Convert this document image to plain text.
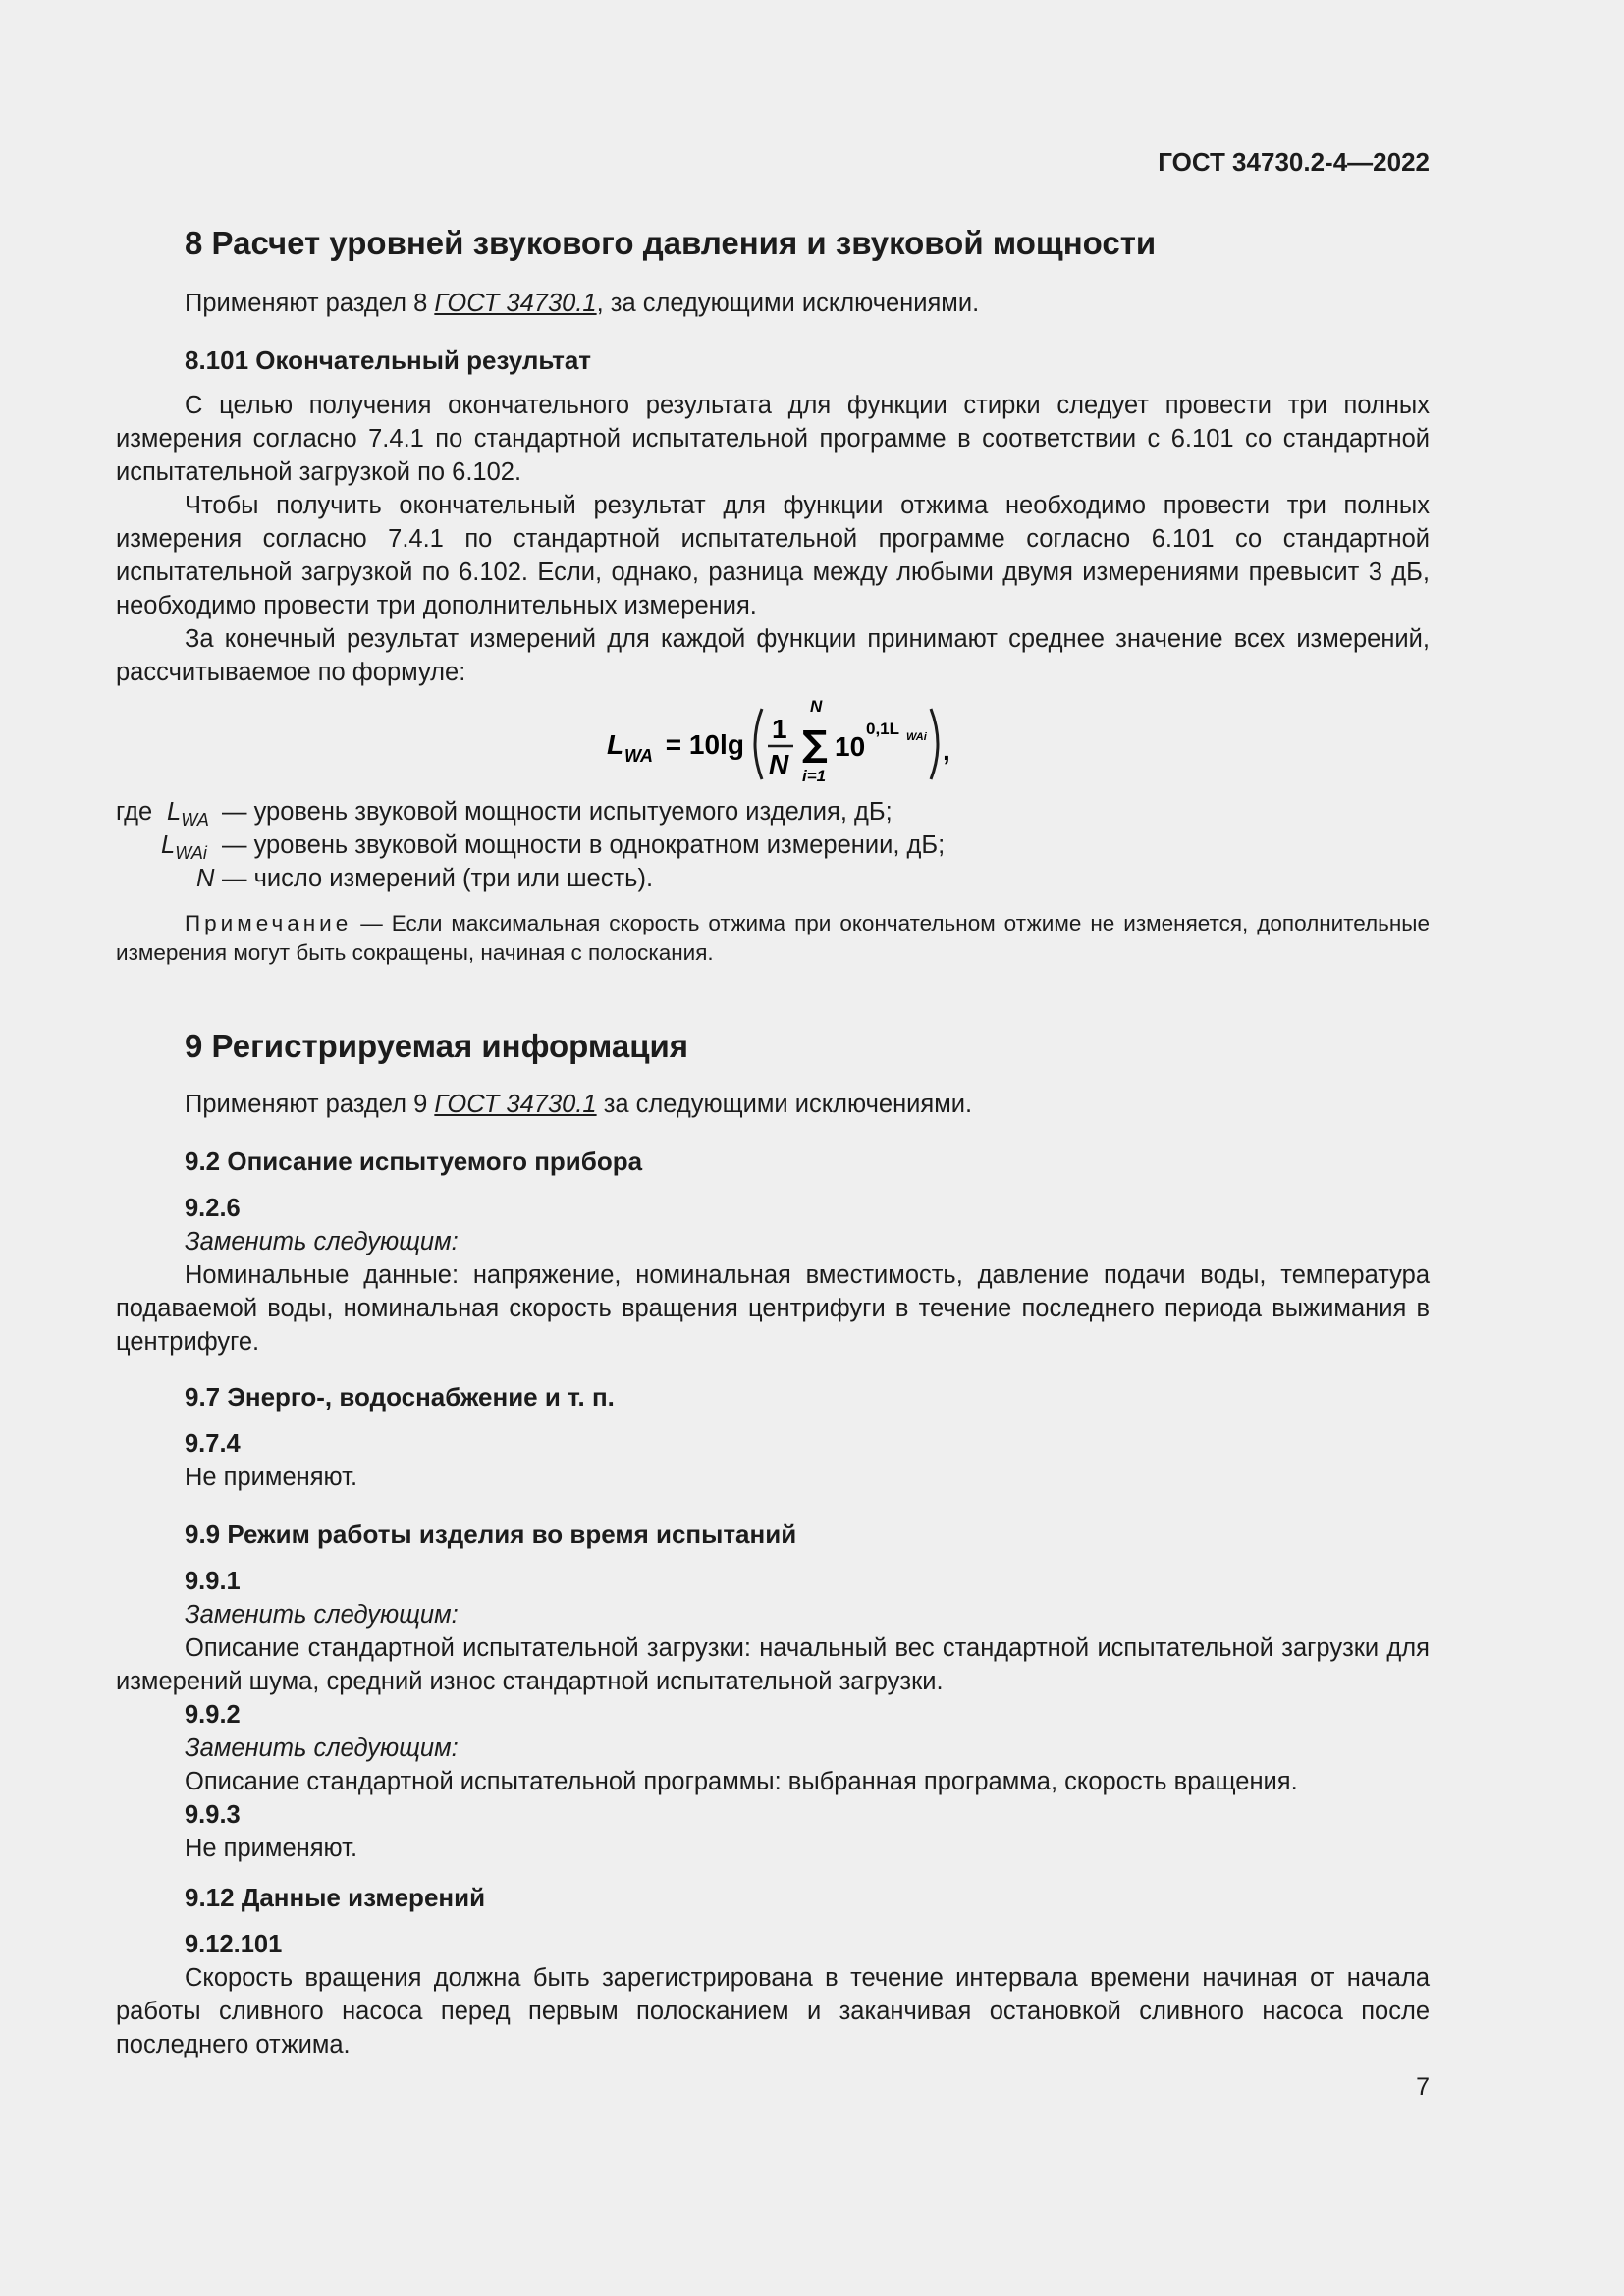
ГОСТ 34730.2-4—2022
8 Расчет уровней звукового давления и звуковой мощности

Применяют раздел 8 ГОСТ 34730.1, за следующими исключениями.

8.101 Окончательный результат

С целью получения окончательного результата для функции стирки следует провести три полных измерения согласно 7.4.1 по стандартной испытательной программе в соответствии с 6.101 со стандартной испытательной загрузкой по 6.102.

Чтобы получить окончательный результат для функции отжима необходимо провести три полных измерения согласно 7.4.1 по стандартной испытательной программе согласно 6.101 со стандартной испытательной загрузкой по 6.102. Если, однако, разница между любыми двумя измерениями превысит 3 дБ, необходимо провести три дополнительных измерения.

За конечный результат измерений для каждой функции принимают среднее значение всех измерений, рассчитываемое по формуле:

L WA = 10lg
1
N
N
∑
i=1
10
0,1L WAi ,
где $L_{WA}$ — уровень звуковой мощности испытуемого изделия, дБ;
$L_{WAi}$ — уровень звуковой мощности в однократном измерении, дБ;
N — число измерений (три или шесть).

Примечание — Если максимальная скорость отжима при окончательном отжиме не изменяется, дополнительные измерения могут быть сокращены, начиная с полоскания.

9 Регистрируемая информация

Применяют раздел 9 ГОСТ 34730.1 за следующими исключениями.

9.2 Описание испытуемого прибора

9.2.6

Заменить следующим:

Номинальные данные: напряжение, номинальная вместимость, давление подачи воды, температура подаваемой воды, номинальная скорость вращения центрифуги в течение последнего периода выжимания в центрифуге.

9.7 Энерго-, водоснабжение и т. п.

9.7.4

Не применяют.

9.9 Режим работы изделия во время испытаний

9.9.1

Заменить следующим:

Описание стандартной испытательной загрузки: начальный вес стандартной испытательной загрузки для измерений шума, средний износ стандартной испытательной загрузки.

9.9.2

Заменить следующим:

Описание стандартной испытательной программы: выбранная программа, скорость вращения.

9.9.3

Не применяют.

9.12 Данные измерений

9.12.101

Скорость вращения должна быть зарегистрирована в течение интервала времени начиная от начала работы сливного насоса перед первым полосканием и заканчивая остановкой сливного насоса после последнего отжима.

7
